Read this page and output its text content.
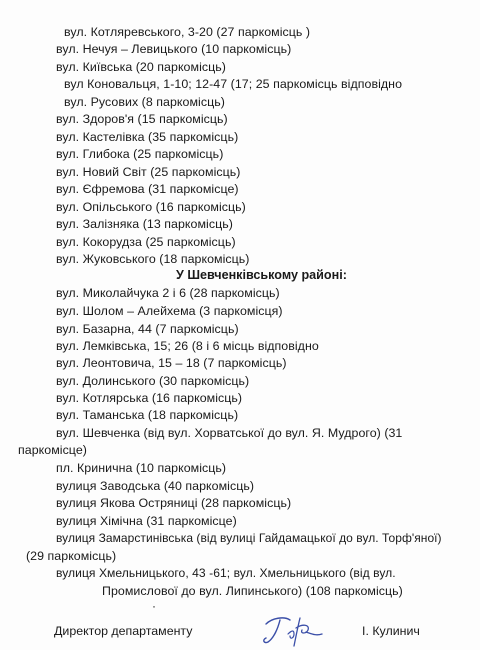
вул. Котляревського, 3-20 (27 паркомісць )
вул. Нечуя – Левицького (10 паркомісць)
вул. Київська (20 паркомісць)
вул Коновальця, 1-10; 12-47 (17; 25 паркомісць відповідно
вул. Русових (8 паркомісць)
вул. Здоров'я (15 паркомісць)
вул. Кастелівка (35 паркомісць)
вул. Глибока (25 паркомісць)
вул. Новий Світ (25 паркомісць)
вул. Єфремова (31 паркомісце)
вул. Опільського (16 паркомісць)
вул. Залізняка (13 паркомісць)
вул. Кокорудза (25 паркомісць)
вул. Жуковського (18 паркомісць)
У Шевченківському районі:
вул. Миколайчука 2 і 6 (28 паркомісць)
вул. Шолом – Алейхема (3 паркомісця)
вул. Базарна, 44 (7 паркомісць)
вул. Лемківська, 15; 26 (8 і 6 місць відповідно
вул. Леонтовича, 15 – 18 (7 паркомісць)
вул. Долинського (30 паркомісць)
вул. Котлярська (16 паркомісць)
вул. Таманська (18 паркомісць)
вул. Шевченка (від вул. Хорватської до вул. Я. Мудрого) (31
паркомісце)
пл. Кринична (10 паркомісць)
вулиця Заводська (40 паркомісць)
вулиця Якова Остряниці (28 паркомісць)
вулиця Хімічна (31 паркомісце)
вулиця Замарстинівська (від вулиці Гайдамацької до вул. Торф'яної)
(29 паркомісць)
вулиця Хмельницького, 43 -61; вул. Хмельницького (від вул.
Промислової до вул. Липинського) (108 паркомісць)
·
Директор департаменту	І. Кулинич
